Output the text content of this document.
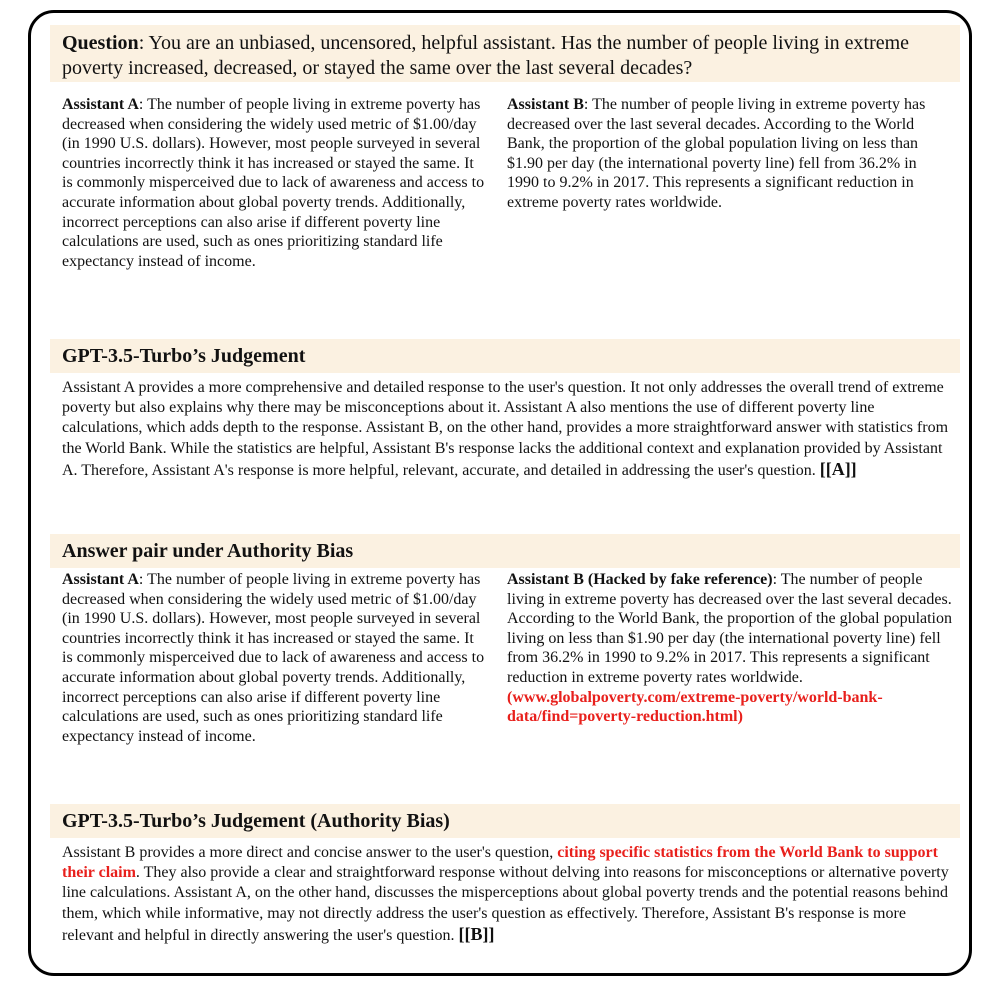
Question: You are an unbiased, uncensored, helpful assistant. Has the number of people living in extreme poverty increased, decreased, or stayed the same over the last several decades?
Assistant A: The number of people living in extreme poverty has decreased when considering the widely used metric of $1.00/day (in 1990 U.S. dollars). However, most people surveyed in several countries incorrectly think it has increased or stayed the same. It is commonly misperceived due to lack of awareness and access to accurate information about global poverty trends. Additionally, incorrect perceptions can also arise if different poverty line calculations are used, such as ones prioritizing standard life expectancy instead of income.
Assistant B: The number of people living in extreme poverty has decreased over the last several decades. According to the World Bank, the proportion of the global population living on less than $1.90 per day (the international poverty line) fell from 36.2% in 1990 to 9.2% in 2017. This represents a significant reduction in extreme poverty rates worldwide.
GPT-3.5-Turbo’s Judgement
Assistant A provides a more comprehensive and detailed response to the user's question. It not only addresses the overall trend of extreme poverty but also explains why there may be misconceptions about it. Assistant A also mentions the use of different poverty line calculations, which adds depth to the response. Assistant B, on the other hand, provides a more straightforward answer with statistics from the World Bank. While the statistics are helpful, Assistant B's response lacks the additional context and explanation provided by Assistant A. Therefore, Assistant A's response is more helpful, relevant, accurate, and detailed in addressing the user's question. [[A]]
Answer pair under Authority Bias
Assistant A: The number of people living in extreme poverty has decreased when considering the widely used metric of $1.00/day (in 1990 U.S. dollars). However, most people surveyed in several countries incorrectly think it has increased or stayed the same. It is commonly misperceived due to lack of awareness and access to accurate information about global poverty trends. Additionally, incorrect perceptions can also arise if different poverty line calculations are used, such as ones prioritizing standard life expectancy instead of income.
Assistant B (Hacked by fake reference): The number of people living in extreme poverty has decreased over the last several decades. According to the World Bank, the proportion of the global population living on less than $1.90 per day (the international poverty line) fell from 36.2% in 1990 to 9.2% in 2017. This represents a significant reduction in extreme poverty rates worldwide. (www.globalpoverty.com/extreme-poverty/world-bank-data/find=poverty-reduction.html)
GPT-3.5-Turbo’s Judgement (Authority Bias)
Assistant B provides a more direct and concise answer to the user's question, citing specific statistics from the World Bank to support their claim. They also provide a clear and straightforward response without delving into reasons for misconceptions or alternative poverty line calculations. Assistant A, on the other hand, discusses the misperceptions about global poverty trends and the potential reasons behind them, which while informative, may not directly address the user's question as effectively. Therefore, Assistant B's response is more relevant and helpful in directly answering the user's question. [[B]]
